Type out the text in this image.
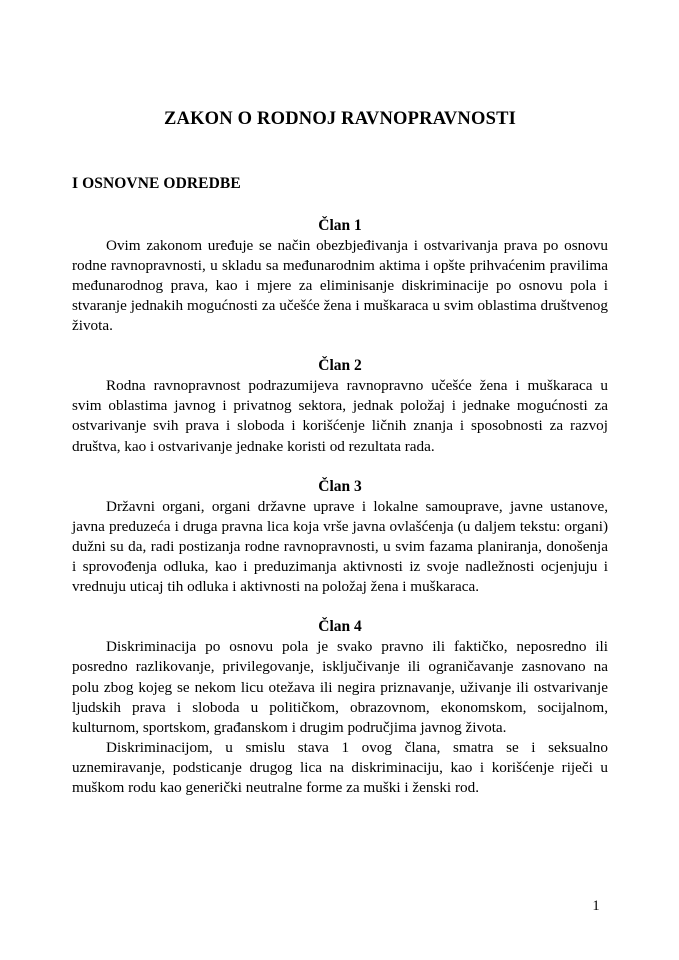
ZAKON O RODNOJ RAVNOPRAVNOSTI
I OSNOVNE ODREDBE
Član 1

Ovim zakonom uređuje se način obezbjeđivanja i ostvarivanja prava po osnovu rodne ravnopravnosti, u skladu sa međunarodnim aktima i opšte prihvaćenim pravilima međunarodnog prava, kao i mjere za eliminisanje diskriminacije po osnovu pola i stvaranje jednakih mogućnosti za učešće žena i muškaraca u svim oblastima društvenog života.

Član 2

Rodna ravnopravnost podrazumijeva ravnopravno učešće žena i muškaraca u svim oblastima javnog i privatnog sektora, jednak položaj i jednake mogućnosti za ostvarivanje svih prava i sloboda i korišćenje ličnih znanja i sposobnosti za razvoj društva, kao i ostvarivanje jednake koristi od rezultata rada.

Član 3

Državni organi, organi državne uprave i lokalne samouprave, javne ustanove, javna preduzeća i druga pravna lica koja vrše javna ovlašćenja (u daljem tekstu: organi) dužni su da, radi postizanja rodne ravnopravnosti, u svim fazama planiranja, donošenja i sprovođenja odluka, kao i preduzimanja aktivnosti iz svoje nadležnosti ocjenjuju i vrednuju uticaj tih odluka i aktivnosti na položaj žena i muškaraca.

Član 4

Diskriminacija po osnovu pola je svako pravno ili faktičko, neposredno ili posredno razlikovanje, privilegovanje, isključivanje ili ograničavanje zasnovano na polu zbog kojeg se nekom licu otežava ili negira priznavanje, uživanje ili ostvarivanje ljudskih prava i sloboda u političkom, obrazovnom, ekonomskom, socijalnom, kulturnom, sportskom, građanskom i drugim područjima javnog života.

Diskriminacijom, u smislu stava 1 ovog člana, smatra se i seksualno uznemiravanje, podsticanje drugog lica na diskriminaciju, kao i korišćenje riječi u muškom rodu kao generički neutralne forme za muški i ženski rod.

1
